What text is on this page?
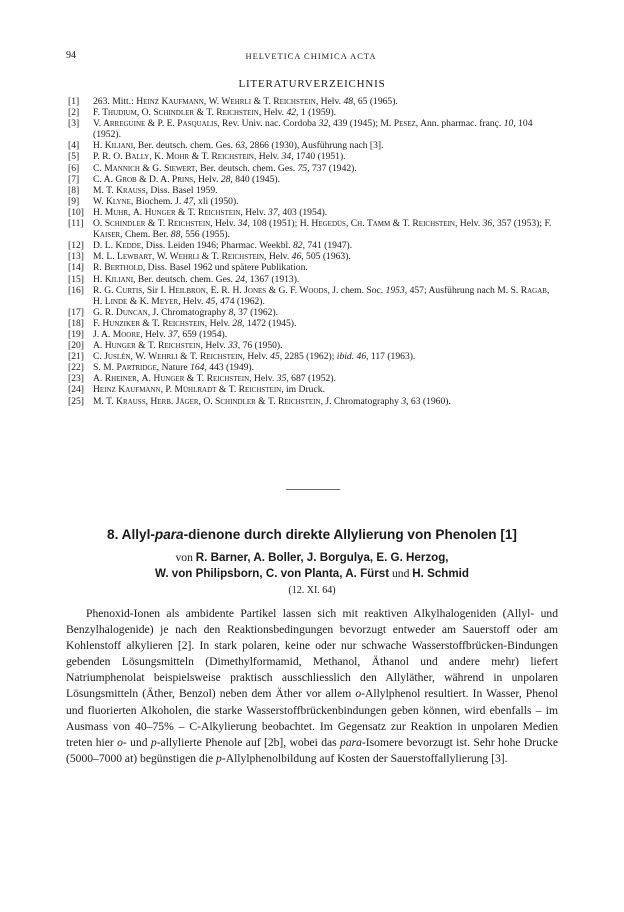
94	HELVETICA CHIMICA ACTA
LITERATURVERZEICHNIS
[1]	263. Mitt.: Heinz Kaufmann, W. Wehrli & T. Reichstein, Helv. 48, 65 (1965).
[2]	F. Thudium, O. Schindler & T. Reichstein, Helv. 42, 1 (1959).
[3]	V. Arreguine & P. E. Pasqualis, Rev. Univ. nac. Cordoba 32, 439 (1945); M. Pesez, Ann. pharmac. franç. 10, 104 (1952).
[4]	H. Kiliani, Ber. deutsch. chem. Ges. 63, 2866 (1930), Ausführung nach [3].
[5]	P. R. O. Bally, K. Mohr & T. Reichstein, Helv. 34, 1740 (1951).
[6]	C. Mannich & G. Siewert, Ber. deutsch. chem. Ges. 75, 737 (1942).
[7]	C. A. Grob & D. A. Prins, Helv. 28, 840 (1945).
[8]	M. T. Krauss, Diss. Basel 1959.
[9]	W. Klyne, Biochem. J. 47, xli (1950).
[10] H. Muhr, A. Hunger & T. Reichstein, Helv. 37, 403 (1954).
[11] O. Schindler & T. Reichstein, Helv. 34, 108 (1951); H. Hegedüs, Ch. Tamm & T. Reichstein, Helv. 36, 357 (1953); F. Kaiser, Chem. Ber. 88, 556 (1955).
[12] D. L. Kedde, Diss. Leiden 1946; Pharmac. Weekbl. 82, 741 (1947).
[13] M. L. Lewbart, W. Wehrli & T. Reichstein, Helv. 46, 505 (1963).
[14] R. Berthold, Diss. Basel 1962 und spätere Publikation.
[15] H. Kiliani, Ber. deutsch. chem. Ges. 24, 1367 (1913).
[16] R. G. Curtis, Sir I. Heilbron, E. R. H. Jones & G. F. Woods, J. chem. Soc. 1953, 457; Ausführung nach M. S. Ragab, H. Linde & K. Meyer, Helv. 45, 474 (1962).
[17] G. R. Duncan, J. Chromatography 8, 37 (1962).
[18] F. Hunziker & T. Reichstein, Helv. 28, 1472 (1945).
[19] J. A. Moore, Helv. 37, 659 (1954).
[20] A. Hunger & T. Reichstein, Helv. 33, 76 (1950).
[21] C. Juslén, W. Wehrli & T. Reichstein, Helv. 45, 2285 (1962); ibid. 46, 117 (1963).
[22] S. M. Partridge, Nature 164, 443 (1949).
[23] A. Rheiner, A. Hunger & T. Reichstein, Helv. 35, 687 (1952).
[24] Heinz Kaufmann, P. Mühlradt & T. Reichstein, im Druck.
[25] M. T. Krauss, Herb. Jäger, O. Schindler & T. Reichstein, J. Chromatography 3, 63 (1960).
8. Allyl-para-dienone durch direkte Allylierung von Phenolen [1]
von R. Barner, A. Boller, J. Borgulya, E. G. Herzog,
W. von Philipsborn, C. von Planta, A. Fürst und H. Schmid
(12. XI. 64)

Phenoxid-Ionen als ambidente Partikel lassen sich mit reaktiven Alkylhalogeniden (Allyl- und Benzylhalogenide) je nach den Reaktionsbedingungen bevorzugt entweder am Sauerstoff oder am Kohlenstoff alkylieren [2]. In stark polaren, keine oder nur schwache Wasserstoffbrücken-Bindungen gebenden Lösungsmitteln (Dimethylformamid, Methanol, Äthanol und andere mehr) liefert Natriumphenolat beispielsweise praktisch ausschliesslich den Allyläther, während in unpolaren Lösungsmitteln (Äther, Benzol) neben dem Äther vor allem o-Allylphenol resultiert. In Wasser, Phenol und fluorierten Alkoholen, die starke Wasserstoffbrückenbindungen geben können, wird ebenfalls – im Ausmass von 40–75% – C-Alkylierung beobachtet. Im Gegensatz zur Reaktion in unpolaren Medien treten hier o- und p-allylierte Phenole auf [2b], wobei das para-Isomere bevorzugt ist. Sehr hohe Drucke (5000–7000 at) begünstigen die p-Allylphenolbildung auf Kosten der Sauerstoffallylierung [3].
